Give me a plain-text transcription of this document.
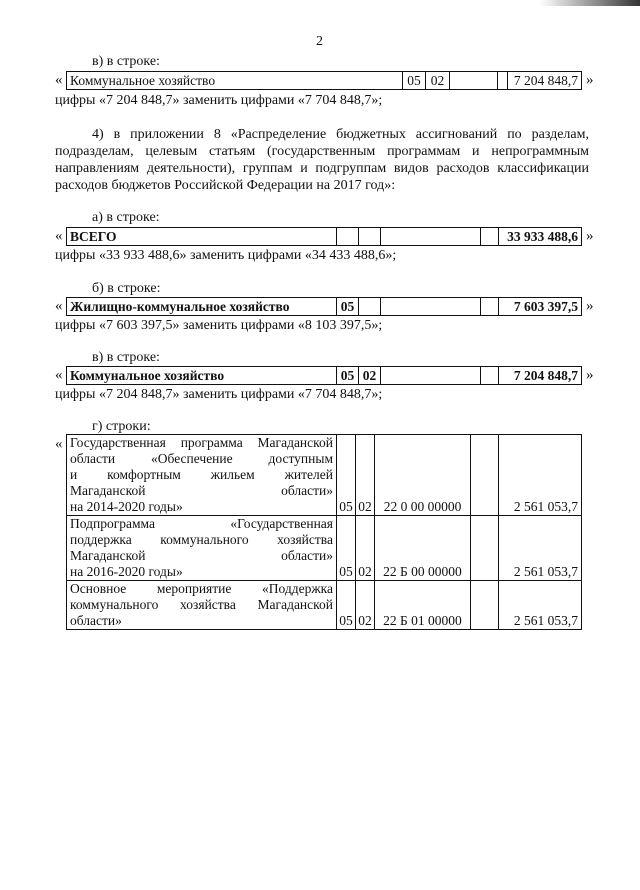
2
в) в строке:
« Коммунальное хозяйство	05	02			7 204 848,7 »
цифры «7 204 848,7» заменить цифрами «7 704 848,7»;
4) в приложении 8 «Распределение бюджетных ассигнований по разделам,
подразделам, целевым статьям (государственным программам и непрограммным
направлениям деятельности), группам и подгруппам видов расходов классификации
расходов бюджетов Российской Федерации на 2017 год»:
а) в строке:
« ВСЕГО					33 933 488,6 »
цифры «33 933 488,6» заменить цифрами «34 433 488,6»;
б) в строке:
« Жилищно-коммунальное хозяйство	05				7 603 397,5 »
цифры «7 603 397,5» заменить цифрами «8 103 397,5»;
в) в строке:
« Коммунальное хозяйство	05	02			7 204 848,7 »
цифры «7 204 848,7» заменить цифрами «7 704 848,7»;
г) строки:
« Государственная программа Магаданской
области «Обеспечение доступным
и комфортным жильем жителей
Магаданской области»
на 2014-2020 годы»	05	02	22 0 00 00000		2 561 053,7

Подпрограмма «Государственная
поддержка коммунального хозяйства
Магаданской области»
на 2016-2020 годы»	05	02	22 Б 00 00000		2 561 053,7

Основное мероприятие «Поддержка
коммунального хозяйства Магаданской
области»	05	02	22 Б 01 00000		2 561 053,7
